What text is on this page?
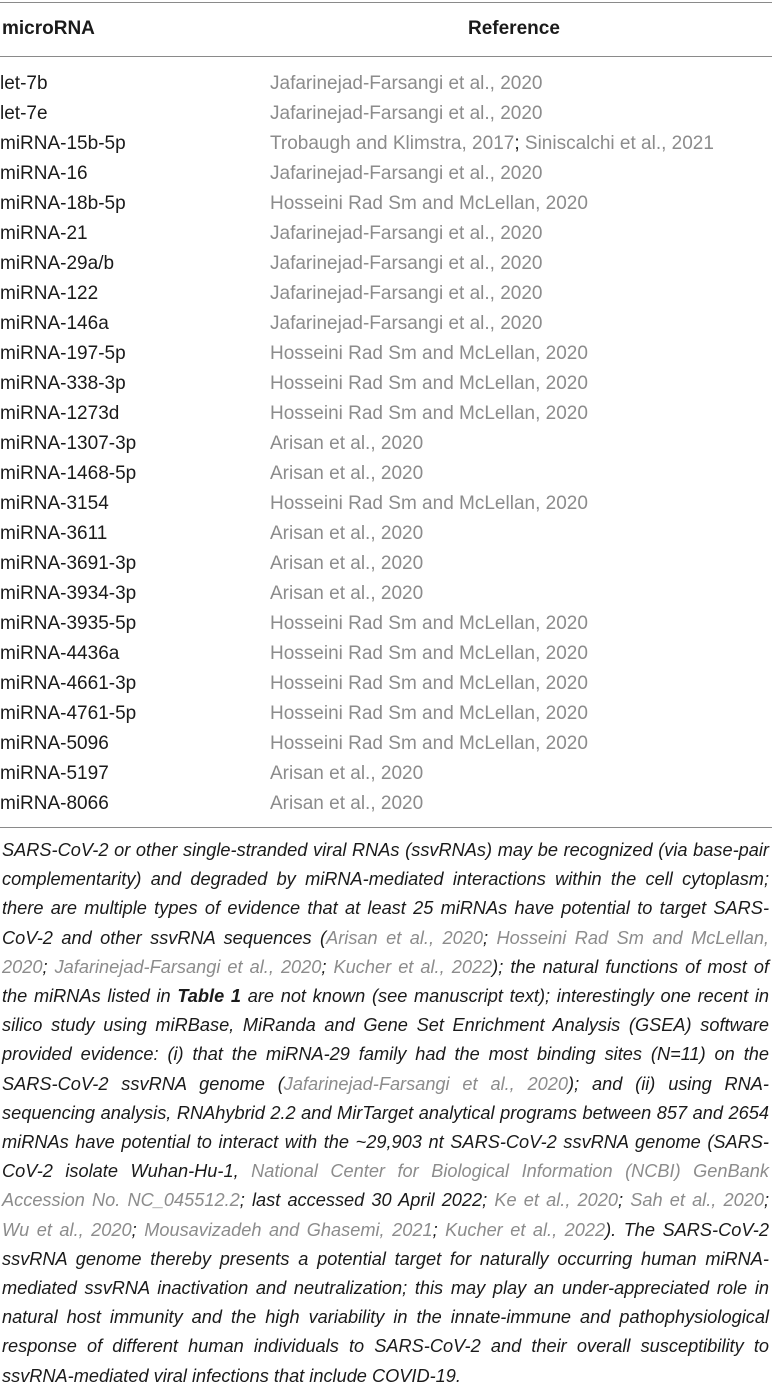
microRNA	Reference
let-7b	Jafarinejad-Farsangi et al., 2020
let-7e	Jafarinejad-Farsangi et al., 2020
miRNA-15b-5p	Trobaugh and Klimstra, 2017; Siniscalchi et al., 2021
miRNA-16	Jafarinejad-Farsangi et al., 2020
miRNA-18b-5p	Hosseini Rad Sm and McLellan, 2020
miRNA-21	Jafarinejad-Farsangi et al., 2020
miRNA-29a/b	Jafarinejad-Farsangi et al., 2020
miRNA-122	Jafarinejad-Farsangi et al., 2020
miRNA-146a	Jafarinejad-Farsangi et al., 2020
miRNA-197-5p	Hosseini Rad Sm and McLellan, 2020
miRNA-338-3p	Hosseini Rad Sm and McLellan, 2020
miRNA-1273d	Hosseini Rad Sm and McLellan, 2020
miRNA-1307-3p	Arisan et al., 2020
miRNA-1468-5p	Arisan et al., 2020
miRNA-3154	Hosseini Rad Sm and McLellan, 2020
miRNA-3611	Arisan et al., 2020
miRNA-3691-3p	Arisan et al., 2020
miRNA-3934-3p	Arisan et al., 2020
miRNA-3935-5p	Hosseini Rad Sm and McLellan, 2020
miRNA-4436a	Hosseini Rad Sm and McLellan, 2020
miRNA-4661-3p	Hosseini Rad Sm and McLellan, 2020
miRNA-4761-5p	Hosseini Rad Sm and McLellan, 2020
miRNA-5096	Hosseini Rad Sm and McLellan, 2020
miRNA-5197	Arisan et al., 2020
miRNA-8066	Arisan et al., 2020
SARS-CoV-2 or other single-stranded viral RNAs (ssvRNAs) may be recognized (via base-pair complementarity) and degraded by miRNA-mediated interactions within the cell cytoplasm; there are multiple types of evidence that at least 25 miRNAs have potential to target SARS-CoV-2 and other ssvRNA sequences (Arisan et al., 2020; Hosseini Rad Sm and McLellan, 2020; Jafarinejad-Farsangi et al., 2020; Kucher et al., 2022); the natural functions of most of the miRNAs listed in Table 1 are not known (see manuscript text); interestingly one recent in silico study using miRBase, MiRanda and Gene Set Enrichment Analysis (GSEA) software provided evidence: (i) that the miRNA-29 family had the most binding sites (N=11) on the SARS-CoV-2 ssvRNA genome (Jafarinejad-Farsangi et al., 2020); and (ii) using RNA-sequencing analysis, RNAhybrid 2.2 and MirTarget analytical programs between 857 and 2654 miRNAs have potential to interact with the ~29,903 nt SARS-CoV-2 ssvRNA genome (SARS-CoV-2 isolate Wuhan-Hu-1, National Center for Biological Information (NCBI) GenBank Accession No. NC_045512.2; last accessed 30 April 2022; Ke et al., 2020; Sah et al., 2020; Wu et al., 2020; Mousavizadeh and Ghasemi, 2021; Kucher et al., 2022). The SARS-CoV-2 ssvRNA genome thereby presents a potential target for naturally occurring human miRNA-mediated ssvRNA inactivation and neutralization; this may play an under-appreciated role in natural host immunity and the high variability in the innate-immune and pathophysiological response of different human individuals to SARS-CoV-2 and their overall susceptibility to ssvRNA-mediated viral infections that include COVID-19.
